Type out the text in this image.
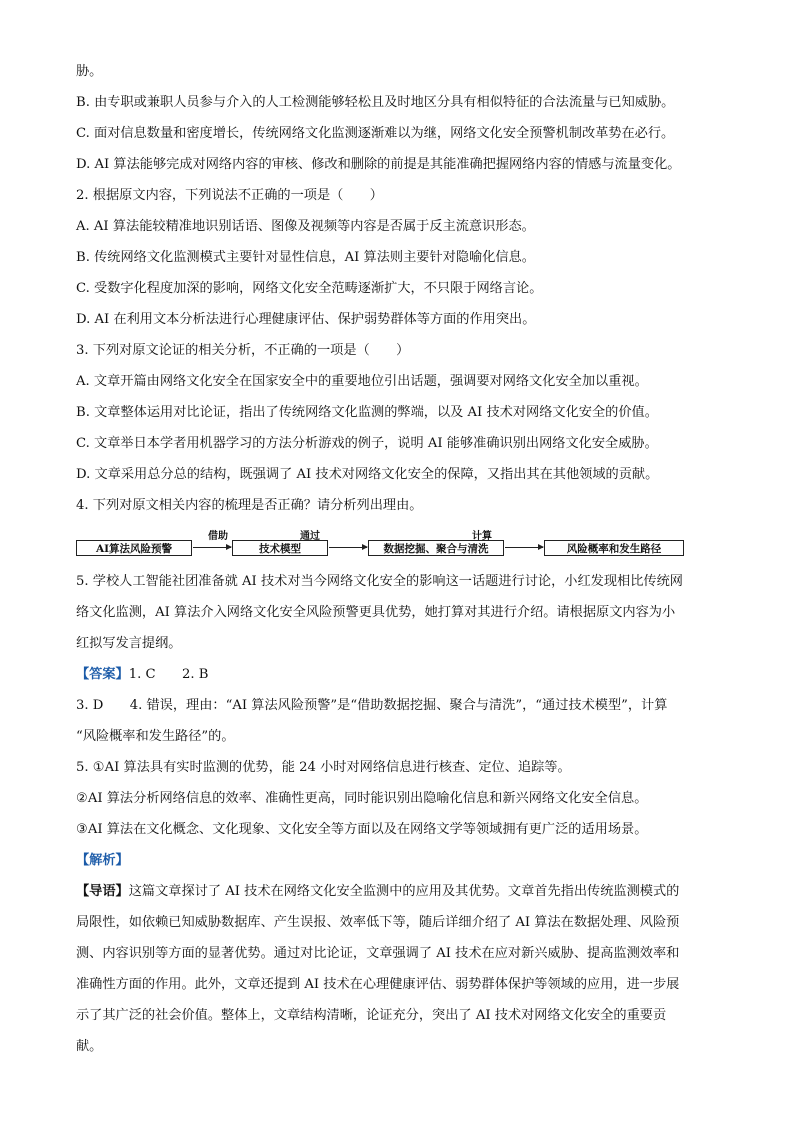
胁。
B. 由专职或兼职人员参与介入的人工检测能够轻松且及时地区分具有相似特征的合法流量与已知威胁。
C. 面对信息数量和密度增长，传统网络文化监测逐渐难以为继，网络文化安全预警机制改革势在必行。
D. AI 算法能够完成对网络内容的审核、修改和删除的前提是其能准确把握网络内容的情感与流量变化。
2. 根据原文内容，下列说法不正确的一项是（　　）
A. AI 算法能较精准地识别话语、图像及视频等内容是否属于反主流意识形态。
B. 传统网络文化监测模式主要针对显性信息，AI 算法则主要针对隐喻化信息。
C. 受数字化程度加深的影响，网络文化安全范畴逐渐扩大，不只限于网络言论。
D. AI 在利用文本分析法进行心理健康评估、保护弱势群体等方面的作用突出。
3. 下列对原文论证的相关分析，不正确的一项是（　　）
A. 文章开篇由网络文化安全在国家安全中的重要地位引出话题，强调要对网络文化安全加以重视。
B. 文章整体运用对比论证，指出了传统网络文化监测的弊端，以及 AI 技术对网络文化安全的价值。
C. 文章举日本学者用机器学习的方法分析游戏的例子，说明 AI 能够准确识别出网络文化安全威胁。
D. 文章采用总分总的结构，既强调了 AI 技术对网络文化安全的保障，又指出其在其他领域的贡献。
4. 下列对原文相关内容的梳理是否正确？请分析列出理由。
AI算法风险预警
借助
技术模型
通过
数据挖掘、聚合与清洗
计算
风险概率和发生路径
5. 学校人工智能社团准备就 AI 技术对当今网络文化安全的影响这一话题进行讨论，小红发现相比传统网
络文化监测，AI 算法介入网络文化安全风险预警更具优势，她打算对其进行介绍。请根据原文内容为小
红拟写发言提纲。
【答案】1. C　　2. B
3. D　　4. 错误，理由：“AI 算法风险预警”是“借助数据挖掘、聚合与清洗”，“通过技术模型”，计算
“风险概率和发生路径”的。
5. ①AI 算法具有实时监测的优势，能 24 小时对网络信息进行核查、定位、追踪等。
②AI 算法分析网络信息的效率、准确性更高，同时能识别出隐喻化信息和新兴网络文化安全信息。
③AI 算法在文化概念、文化现象、文化安全等方面以及在网络文学等领域拥有更广泛的适用场景。
【解析】
【导语】这篇文章探讨了 AI 技术在网络文化安全监测中的应用及其优势。文章首先指出传统监测模式的
局限性，如依赖已知威胁数据库、产生误报、效率低下等，随后详细介绍了 AI 算法在数据处理、风险预
测、内容识别等方面的显著优势。通过对比论证，文章强调了 AI 技术在应对新兴威胁、提高监测效率和
准确性方面的作用。此外，文章还提到 AI 技术在心理健康评估、弱势群体保护等领域的应用，进一步展
示了其广泛的社会价值。整体上，文章结构清晰，论证充分，突出了 AI 技术对网络文化安全的重要贡
献。
